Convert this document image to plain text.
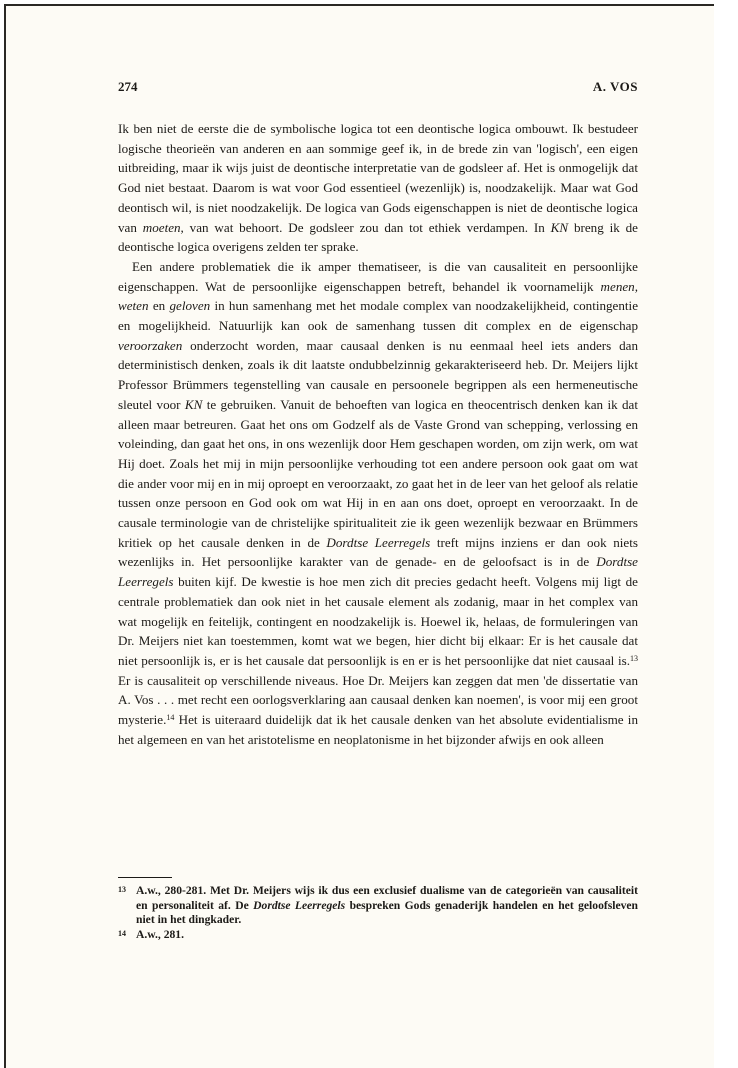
274	A. VOS

Ik ben niet de eerste die de symbolische logica tot een deontische logica ombouwt. Ik bestudeer logische theorieën van anderen en aan sommige geef ik, in de brede zin van 'logisch', een eigen uitbreiding, maar ik wijs juist de deontische interpretatie van de godsleer af. Het is onmogelijk dat God niet bestaat. Daarom is wat voor God essentieel (wezenlijk) is, noodzakelijk. Maar wat God deontisch wil, is niet noodzakelijk. De logica van Gods eigenschappen is niet de deontische logica van moeten, van wat behoort. De godsleer zou dan tot ethiek verdampen. In KN breng ik de deontische logica overigens zelden ter sprake.

Een andere problematiek die ik amper thematiseer, is die van causaliteit en persoonlijke eigenschappen. Wat de persoonlijke eigenschappen betreft, behandel ik voornamelijk menen, weten en geloven in hun samenhang met het modale complex van noodzakelijkheid, contingentie en mogelijkheid. Natuurlijk kan ook de samenhang tussen dit complex en de eigenschap veroorzaken onderzocht worden, maar causaal denken is nu eenmaal heel iets anders dan deterministisch denken, zoals ik dit laatste ondubbelzinnig gekarakteriseerd heb. Dr. Meijers lijkt Professor Brümmers tegenstelling van causale en persoonele begrippen als een hermeneutische sleutel voor KN te gebruiken. Vanuit de behoeften van logica en theocentrisch denken kan ik dat alleen maar betreuren. Gaat het ons om Godzelf als de Vaste Grond van schepping, verlossing en voleinding, dan gaat het ons, in ons wezenlijk door Hem geschapen worden, om zijn werk, om wat Hij doet. Zoals het mij in mijn persoonlijke verhouding tot een andere persoon ook gaat om wat die ander voor mij en in mij oproept en veroorzaakt, zo gaat het in de leer van het geloof als relatie tussen onze persoon en God ook om wat Hij in en aan ons doet, oproept en veroorzaakt. In de causale terminologie van de christelijke spiritualiteit zie ik geen wezenlijk bezwaar en Brümmers kritiek op het causale denken in de Dordtse Leerregels treft mijns inziens er dan ook niets wezenlijks in. Het persoonlijke karakter van de genade- en de geloofsact is in de Dordtse Leerregels buiten kijf. De kwestie is hoe men zich dit precies gedacht heeft. Volgens mij ligt de centrale problematiek dan ook niet in het causale element als zodanig, maar in het complex van wat mogelijk en feitelijk, contingent en noodzakelijk is. Hoewel ik, helaas, de formuleringen van Dr. Meijers niet kan toestemmen, komt wat we begen, hier dicht bij elkaar: Er is het causale dat niet persoonlijk is, er is het causale dat persoonlijk is en er is het persoonlijke dat niet causaal is.$^{13}$ Er is causaliteit op verschillende niveaus. Hoe Dr. Meijers kan zeggen dat men 'de dissertatie van A. Vos . . . met recht een oorlogsverklaring aan causaal denken kan noemen', is voor mij een groot mysterie.$^{14}$ Het is uiteraard duidelijk dat ik het causale denken van het absolute evidentialisme in het algemeen en van het aristotelisme en neoplatonisme in het bijzonder afwijs en ook alleen

13 A.w., 280-281. Met Dr. Meijers wijs ik dus een exclusief dualisme van de categorieën van causaliteit en personaliteit af. De Dordtse Leerregels bespreken Gods genaderijk handelen en het geloofsleven niet in het dingkader.
14 A.w., 281.
